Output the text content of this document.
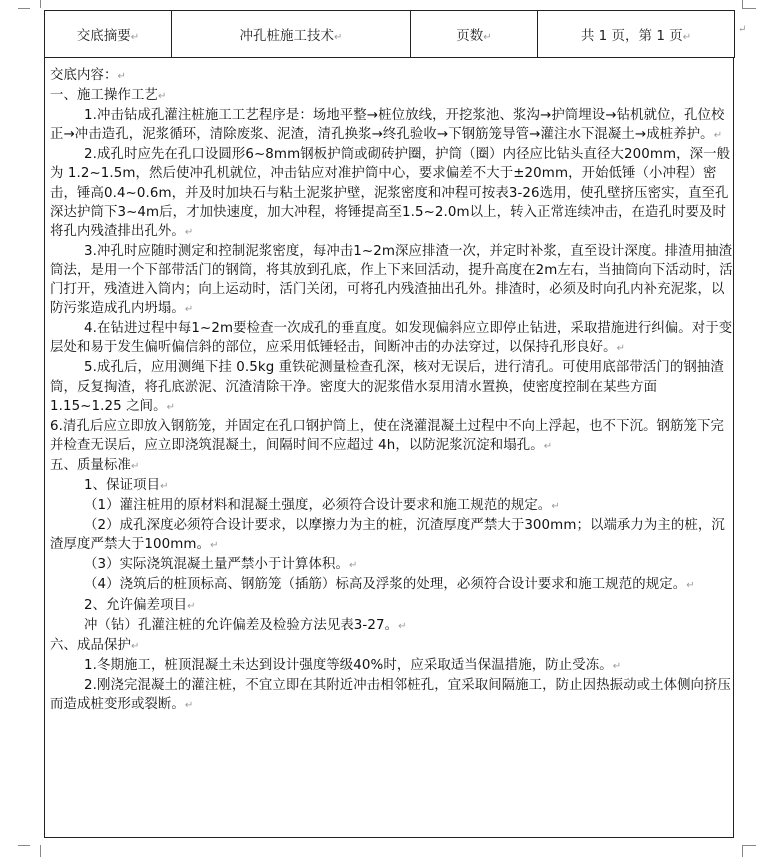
交底摘要↵	冲孔桩施工技术↵	页数↵	共 1 页，第 1 页↵
↵

交底内容：↵

一、施工操作工艺↵

1.冲击钻成孔灌注桩施工工艺程序是：场地平整→桩位放线，开挖浆池、浆沟→护筒埋设→钻机就位，孔位校正→冲击造孔，泥浆循环，清除废浆、泥渣，清孔换浆→终孔验收→下钢筋笼导管→灌注水下混凝土→成桩养护。↵

2.成孔时应先在孔口设圆形6~8mm钢板护筒或砌砖护圈，护筒（圈）内径应比钻头直径大200mm，深一般为 1.2~1.5m，然后使冲孔机就位，冲击钻应对准护筒中心，要求偏差不大于±20mm，开始低锤（小冲程）密击，锤高0.4~0.6m，并及时加块石与粘土泥浆护壁，泥浆密度和冲程可按表3-26选用，使孔壁挤压密实，直至孔深达护筒下3~4m后，才加快速度，加大冲程，将锤提高至1.5~2.0m以上，转入正常连续冲击，在造孔时要及时将孔内残渣排出孔外。↵

3.冲孔时应随时测定和控制泥浆密度，每冲击1~2m深应排渣一次，并定时补浆，直至设计深度。排渣用抽渣筒法，是用一个下部带活门的钢筒，将其放到孔底，作上下来回活动，提升高度在2m左右，当抽筒向下活动时，活门打开，残渣进入筒内；向上运动时，活门关闭，可将孔内残渣抽出孔外。排渣时，必须及时向孔内补充泥浆，以防污浆造成孔内坍塌。↵

4.在钻进过程中每1~2m要检查一次成孔的垂直度。如发现偏斜应立即停止钻进，采取措施进行纠偏。对于变层处和易于发生偏听偏信斜的部位，应采用低锤轻击，间断冲击的办法穿过，以保持孔形良好。↵

5.成孔后，应用测绳下挂 0.5kg 重铁砣测量检查孔深，核对无误后，进行清孔。可使用底部带活门的钢抽渣筒，反复掏渣，将孔底淤泥、沉渣清除干净。密度大的泥浆借水泵用清水置换，使密度控制在某些方面 1.15~1.25 之间。↵

6.清孔后应立即放入钢筋笼，并固定在孔口钢护筒上，使在浇灌混凝土过程中不向上浮起，也不下沉。钢筋笼下完并检查无误后，应立即浇筑混凝土，间隔时间不应超过 4h，以防泥浆沉淀和塌孔。↵

五、质量标准↵

1、保证项目↵

（1）灌注桩用的原材料和混凝土强度，必须符合设计要求和施工规范的规定。↵

（2）成孔深度必须符合设计要求，以摩擦力为主的桩，沉渣厚度严禁大于300mm；以端承力为主的桩，沉渣厚度严禁大于100mm。↵

（3）实际浇筑混凝土量严禁小于计算体积。↵

（4）浇筑后的桩顶标高、钢筋笼（插筋）标高及浮浆的处理，必须符合设计要求和施工规范的规定。↵

2、允许偏差项目↵

冲（钻）孔灌注桩的允许偏差及检验方法见表3-27。↵

六、成品保护↵

1.冬期施工，桩顶混凝土未达到设计强度等级40%时，应采取适当保温措施，防止受冻。↵

2.刚浇完混凝土的灌注桩，不宜立即在其附近冲击相邻桩孔，宜采取间隔施工，防止因热振动或土体侧向挤压而造成桩变形或裂断。↵
